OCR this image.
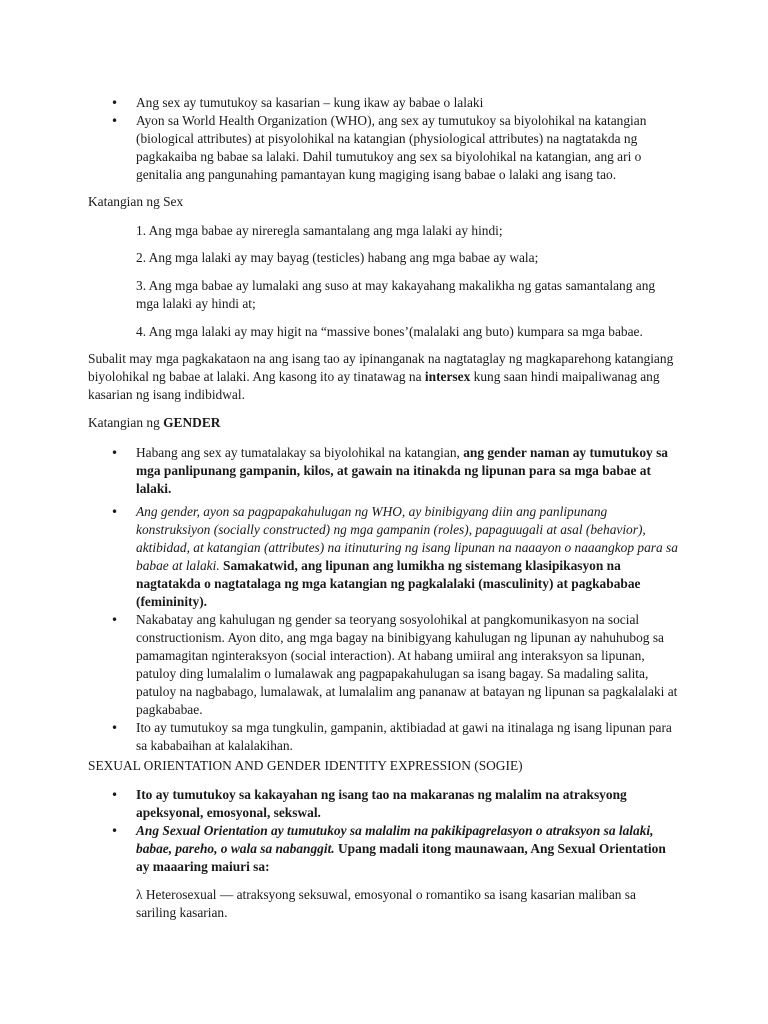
• Ang sex ay tumutukoy sa kasarian – kung ikaw ay babae o lalaki
• Ayon sa World Health Organization (WHO), ang sex ay tumutukoy sa biyolohikal na katangian (biological attributes) at pisyolohikal na katangian (physiological attributes) na nagtatakda ng pagkakaiba ng babae sa lalaki. Dahil tumutukoy ang sex sa biyolohikal na katangian, ang ari o genitalia ang pangunahing pamantayan kung magiging isang babae o lalaki ang isang tao.

Katangian ng Sex

1. Ang mga babae ay nireregla samantalang ang mga lalaki ay hindi;

2. Ang mga lalaki ay may bayag (testicles) habang ang mga babae ay wala;

3. Ang mga babae ay lumalaki ang suso at may kakayahang makalikha ng gatas samantalang ang mga lalaki ay hindi at;

4. Ang mga lalaki ay may higit na “massive bones’(malalaki ang buto) kumpara sa mga babae.

Subalit may mga pagkakataon na ang isang tao ay ipinanganak na nagtataglay ng magkaparehong katangiang biyolohikal ng babae at lalaki. Ang kasong ito ay tinatawag na intersex kung saan hindi maipaliwanag ang kasarian ng isang indibidwal.

Katangian ng GENDER

• Habang ang sex ay tumatalakay sa biyolohikal na katangian, ang gender naman ay tumutukoy sa mga panlipunang gampanin, kilos, at gawain na itinakda ng lipunan para sa mga babae at lalaki.
• Ang gender, ayon sa pagpapakahulugan ng WHO, ay binibigyang diin ang panlipunang konstruksiyon (socially constructed) ng mga gampanin (roles), papaguugali at asal (behavior), aktibidad, at katangian (attributes) na itinuturing ng isang lipunan na naaayon o naaangkop para sa babae at lalaki. Samakatwid, ang lipunan ang lumikha ng sistemang klasipikasyon na nagtatakda o nagtatalaga ng mga katangian ng pagkalalaki (masculinity) at pagkababae (femininity).
• Nakabatay ang kahulugan ng gender sa teoryang sosyolohikal at pangkomunikasyon na social constructionism. Ayon dito, ang mga bagay na binibigyang kahulugan ng lipunan ay nahuhubog sa pamamagitan nginteraksyon (social interaction). At habang umiiral ang interaksyon sa lipunan, patuloy ding lumalalim o lumalawak ang pagpapakahulugan sa isang bagay. Sa madaling salita, patuloy na nagbabago, lumalawak, at lumalalim ang pananaw at batayan ng lipunan sa pagkalalaki at pagkababae.
• Ito ay tumutukoy sa mga tungkulin, gampanin, aktibiadad at gawi na itinalaga ng isang lipunan para sa kababaihan at kalalakihan.

SEXUAL ORIENTATION AND GENDER IDENTITY EXPRESSION (SOGIE)

• Ito ay tumutukoy sa kakayahan ng isang tao na makaranas ng malalim na atraksyong apeksyonal, emosyonal, sekswal.
• Ang Sexual Orientation ay tumutukoy sa malalim na pakikipagrelasyon o atraksyon sa lalaki, babae, pareho, o wala sa nabanggit. Upang madali itong maunawaan, Ang Sexual Orientation ay maaaring maiuri sa:

λ Heterosexual — atraksyong seksuwal, emosyonal o romantiko sa isang kasarian maliban sa sariling kasarian.
